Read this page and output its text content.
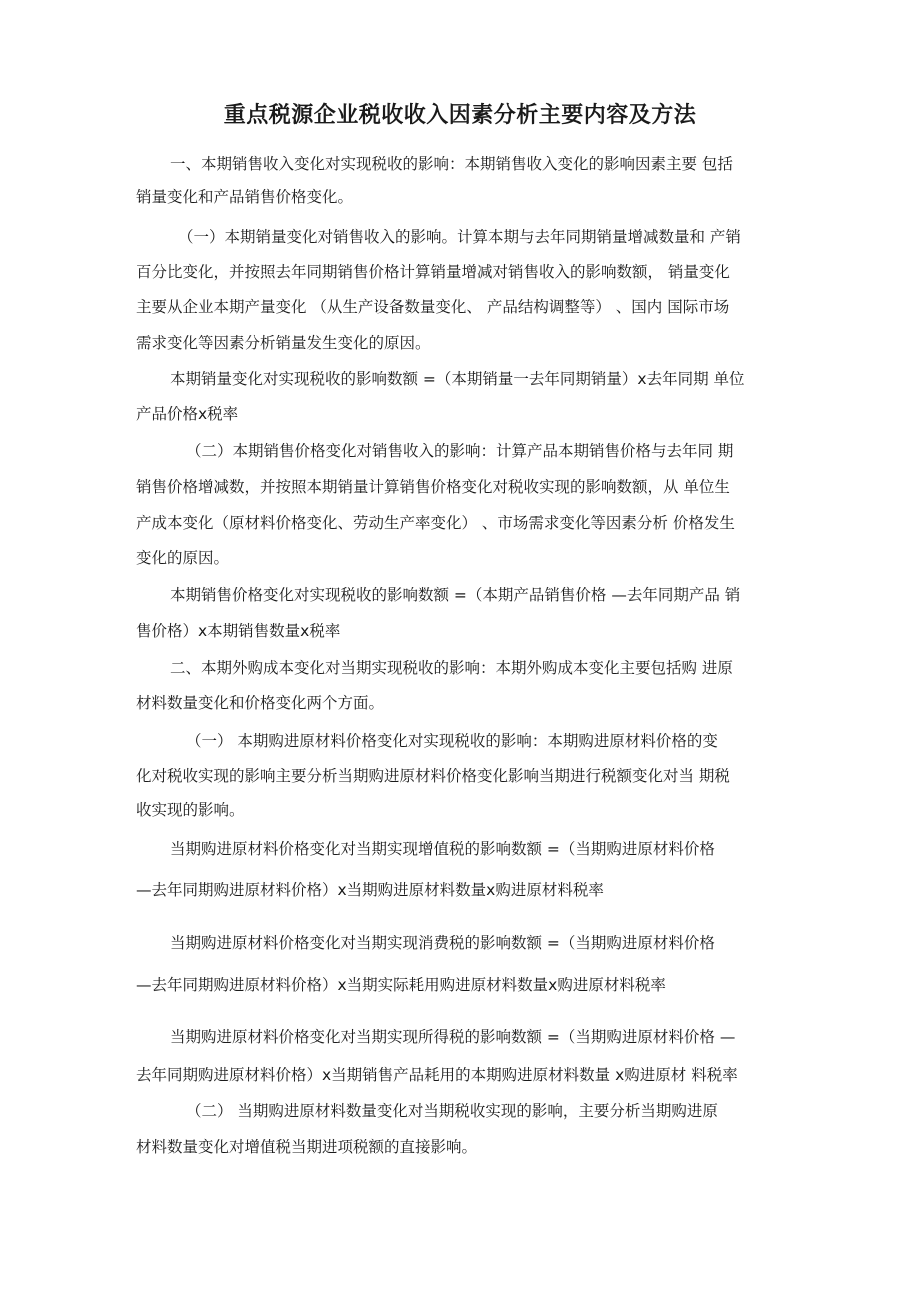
重点税源企业税收收入因素分析主要内容及方法
一、本期销售收入变化对实现税收的影响：本期销售收入变化的影响因素主要 包括
销量变化和产品销售价格变化。
（一）本期销量变化对销售收入的影响。计算本期与去年同期销量增减数量和 产销
百分比变化，并按照去年同期销售价格计算销量增减对销售收入的影响数额， 销量变化
主要从企业本期产量变化 （从生产设备数量变化、 产品结构调整等） 、国内 国际市场
需求变化等因素分析销量发生变化的原因。
本期销量变化对实现税收的影响数额 =（本期销量一去年同期销量）x去年同期 单位
产品价格x税率
（二）本期销售价格变化对销售收入的影响：计算产品本期销售价格与去年同 期
销售价格增减数，并按照本期销量计算销售价格变化对税收实现的影响数额，从 单位生
产成本变化（原材料价格变化、劳动生产率变化） 、市场需求变化等因素分析 价格发生
变化的原因。
本期销售价格变化对实现税收的影响数额 =（本期产品销售价格 —去年同期产品 销
售价格）x本期销售数量x税率
二、本期外购成本变化对当期实现税收的影响：本期外购成本变化主要包括购 进原
材料数量变化和价格变化两个方面。
（一） 本期购进原材料价格变化对实现税收的影响：本期购进原材料价格的变
化对税收实现的影响主要分析当期购进原材料价格变化影响当期进行税额变化对当 期税
收实现的影响。
当期购进原材料价格变化对当期实现增值税的影响数额 =（当期购进原材料价格
—去年同期购进原材料价格）x当期购进原材料数量x购进原材料税率
当期购进原材料价格变化对当期实现消费税的影响数额 =（当期购进原材料价格
—去年同期购进原材料价格）x当期实际耗用购进原材料数量x购进原材料税率
当期购进原材料价格变化对当期实现所得税的影响数额 =（当期购进原材料价格 —
去年同期购进原材料价格）x当期销售产品耗用的本期购进原材料数量 x购进原材 料税率
（二） 当期购进原材料数量变化对当期税收实现的影响，主要分析当期购进原
材料数量变化对增值税当期进项税额的直接影响。
